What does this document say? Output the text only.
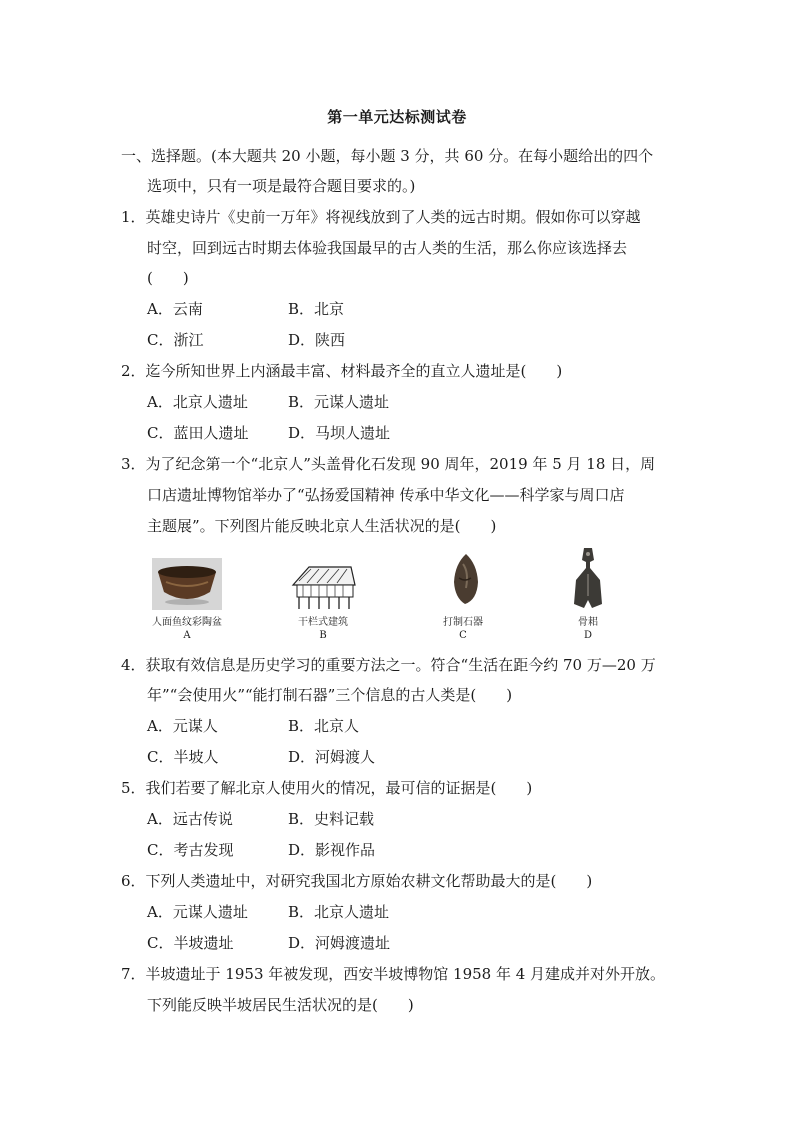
第一单元达标测试卷
一、选择题。(本大题共 20 小题，每小题 3 分，共 60 分。在每小题给出的四个
选项中，只有一项是最符合题目要求的。)
1．英雄史诗片《史前一万年》将视线放到了人类的远古时期。假如你可以穿越
时空，回到远古时期去体验我国最早的古人类的生活，那么你应该选择去
(　　)
A．云南	B．北京
C．浙江	D．陕西
2．迄今所知世界上内涵最丰富、材料最齐全的直立人遗址是(　　)
A．北京人遗址	B．元谋人遗址
C．蓝田人遗址	D．马坝人遗址
3．为了纪念第一个“北京人”头盖骨化石发现 90 周年，2019 年 5 月 18 日，周
口店遗址博物馆举办了“弘扬爱国精神 传承中华文化——科学家与周口店
主题展”。下列图片能反映北京人生活状况的是(　　)
人面鱼纹彩陶盆
A
干栏式建筑
B
打制石器
C
骨耜
D
4．获取有效信息是历史学习的重要方法之一。符合“生活在距今约 70 万—20 万
年”“会使用火”“能打制石器”三个信息的古人类是(　　)
A．元谋人	B．北京人
C．半坡人	D．河姆渡人
5．我们若要了解北京人使用火的情况，最可信的证据是(　　)
A．远古传说	B．史料记载
C．考古发现	D．影视作品
6．下列人类遗址中，对研究我国北方原始农耕文化帮助最大的是(　　)
A．元谋人遗址	B．北京人遗址
C．半坡遗址	D．河姆渡遗址
7．半坡遗址于 1953 年被发现，西安半坡博物馆 1958 年 4 月建成并对外开放。
下列能反映半坡居民生活状况的是(　　)
